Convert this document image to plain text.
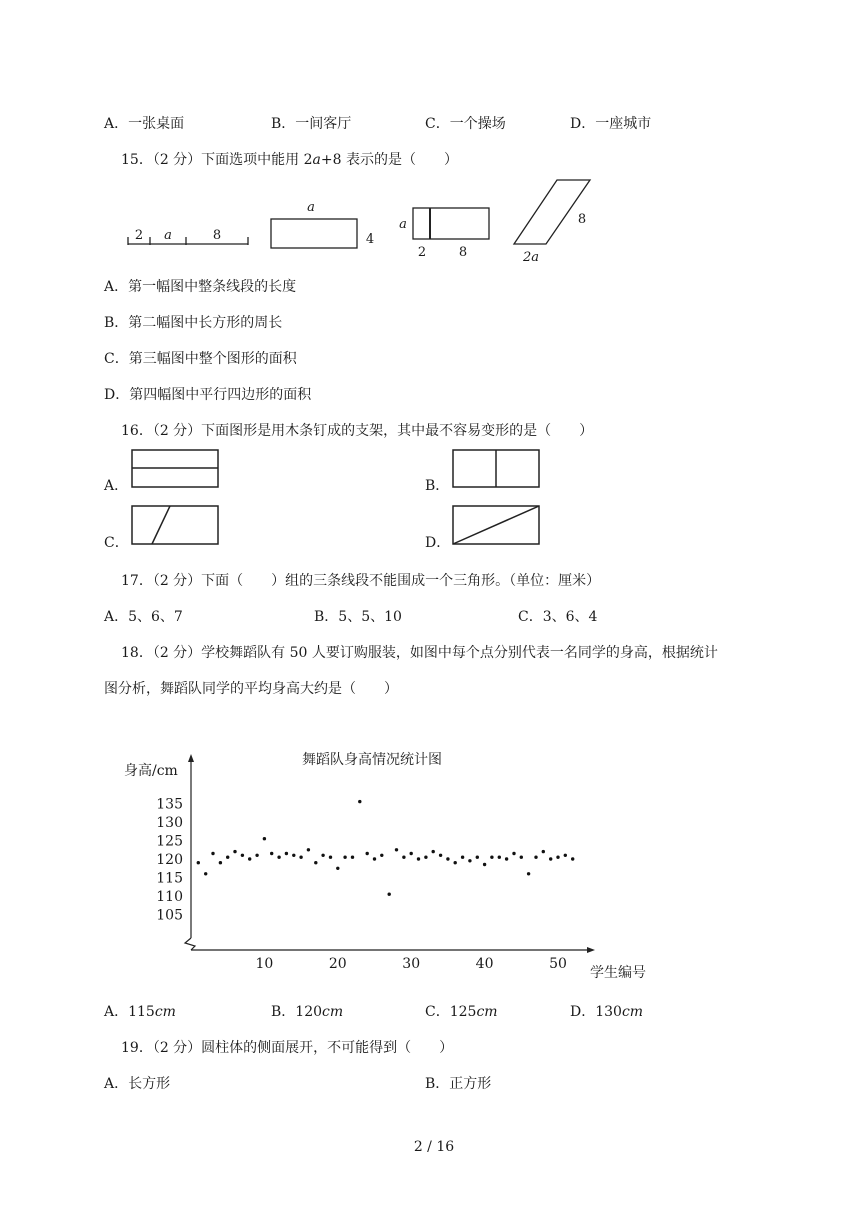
A．一张桌面	B．一间客厅	C．一个操场	D．一座城市
15．（2 分）下面选项中能用 2a+8 表示的是（　　）
2 a	8
a
4
a
2	8
8
2a
A．第一幅图中整条线段的长度
B．第二幅图中长方形的周长
C．第三幅图中整个图形的面积
D．第四幅图中平行四边形的面积
16．（2 分）下面图形是用木条钉成的支架，其中最不容易变形的是（　　）
A．	B．
C．	D．
17．（2 分）下面（　　）组的三条线段不能围成一个三角形。（单位：厘米）
A．5、6、7	B．5、5、10	C．3、6、4
18．（2 分）学校舞蹈队有 50 人要订购服装，如图中每个点分别代表一名同学的身高，根据统计
图分析，舞蹈队同学的平均身高大约是（　　）
舞蹈队身高情况统计图
身高/cm
学生编号
105
110
115
120
125
130
135
10	20	30	40	50
A．115cm	B．120cm	C．125cm	D．130cm
19．（2 分）圆柱体的侧面展开，不可能得到（　　）
A．长方形	B．正方形
2 / 16
